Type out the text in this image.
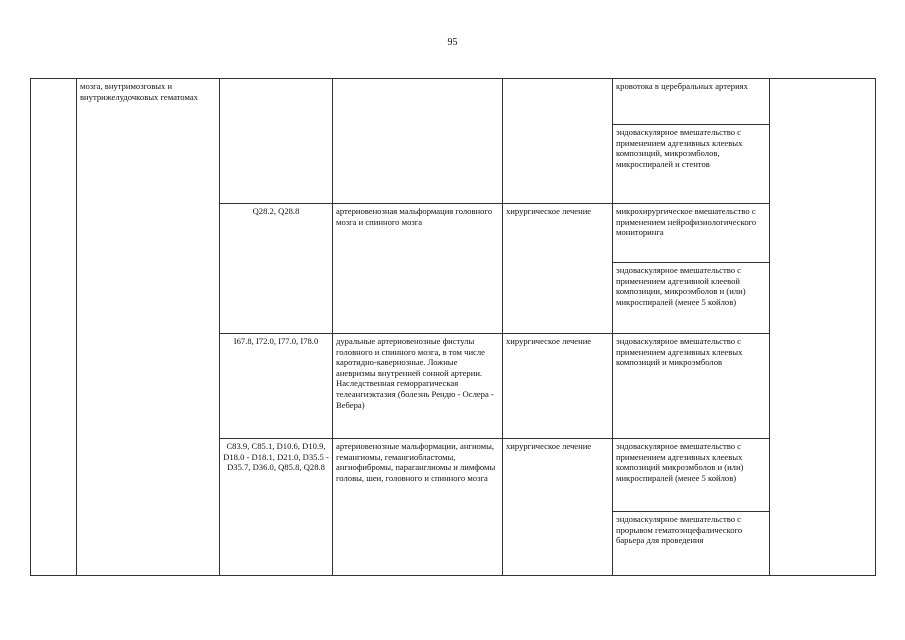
95
	мозга, внутримозговых и внутрижелудочковых гематомах				кровотока в церебральных артериях	
					эндоваскулярное вмешательство с применением адгезивных клеевых композиций, микроэмболов, микроспиралей и стентов	
		Q28.2, Q28.8	артериовенозная мальформация головного мозга и спинного мозга	хирургическое лечение	микрохирургическое вмешательство с применением нейрофизиологического мониторинга	
					эндоваскулярное вмешательство с применением адгезивной клеевой композиции, микроэмболов и (или) микроспиралей (менее 5 койлов)	
		I67.8, I72.0, I77.0, I78.0	дуральные артериовенозные фистулы головного и спинного мозга, в том числе каротидно-кавернозные. Ложные аневризмы внутренней сонной артерии. Наследственная геморрагическая телеангиэктазия (болезнь Рендю - Ослера - Вебера)	хирургическое лечение	эндоваскулярное вмешательство с применением адгезивных клеевых композиций и микроэмболов	
		C83.9, C85.1, D10.6, D10.9, D18.0 - D18.1, D21.0, D35.5 - D35.7, D36.0, Q85.8, Q28.8	артериовенозные мальформации, ангиомы, гемангиомы, гемангиобластомы, ангиофибромы, параганглиомы и лимфомы головы, шеи, головного и спинного мозга	хирургическое лечение	эндоваскулярное вмешательство с применением адгезивных клеевых композиций микроэмболов и (или) микроспиралей (менее 5 койлов)	
					эндоваскулярное вмешательство с прорывом гематоэнцефалического барьера для проведения	
